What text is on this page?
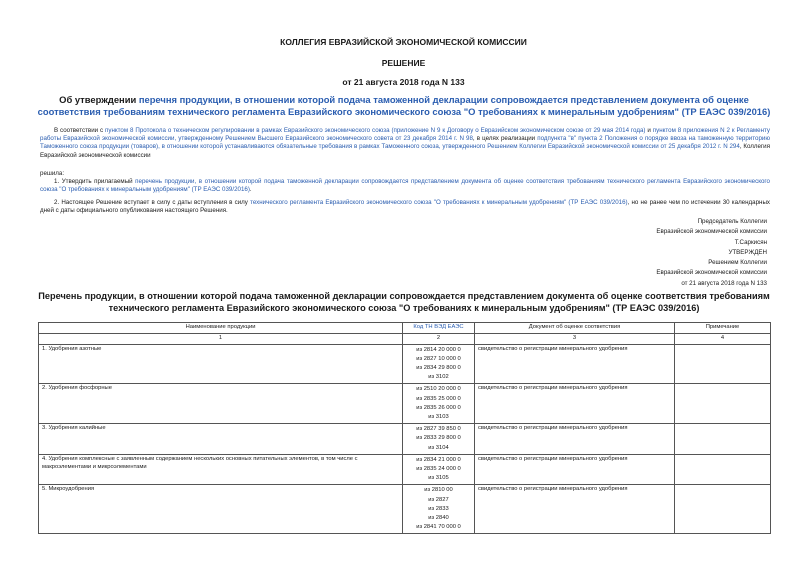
КОЛЛЕГИЯ ЕВРАЗИЙСКОЙ ЭКОНОМИЧЕСКОЙ КОМИССИИ
РЕШЕНИЕ
от 21 августа 2018 года N 133
Об утверждении перечня продукции, в отношении которой подача таможенной декларации сопровождается представлением документа об оценке соответствия требованиям технического регламента Евразийского экономического союза "О требованиях к минеральным удобрениям" (ТР ЕАЭС 039/2016)
В соответствии с пунктом 8 Протокола о техническом регулировании в рамках Евразийского экономического союза (приложение N 9 к Договору о Евразийском экономическом союзе от 29 мая 2014 года) и пунктом 8 приложения N 2 к Регламенту работы Евразийской экономической комиссии, утвержденному Решением Высшего Евразийского экономического совета от 23 декабря 2014 г. N 98, в целях реализации подпункта "в" пункта 2 Положения о порядке ввоза на таможенную территорию Таможенного союза продукции (товаров), в отношении которой устанавливаются обязательные требования в рамках Таможенного союза, утвержденного Решением Коллегии Евразийской экономической комиссии от 25 декабря 2012 г. N 294, Коллегия Евразийской экономической комиссии
решила:
1. Утвердить прилагаемый перечень продукции, в отношении которой подача таможенной декларации сопровождается представлением документа об оценке соответствия требованиям технического регламента Евразийского экономического союза "О требованиях к минеральным удобрениям" (ТР ЕАЭС 039/2016).
2. Настоящее Решение вступает в силу с даты вступления в силу технического регламента Евразийского экономического союза "О требованиях к минеральным удобрениям" (ТР ЕАЭС 039/2016), но не ранее чем по истечении 30 календарных дней с даты официального опубликования настоящего Решения.
Председатель Коллегии
Евразийской экономической комиссии
Т.Саркисян
УТВЕРЖДЕН
Решением Коллегии
Евразийской экономической комиссии
от 21 августа 2018 года N 133
Перечень продукции, в отношении которой подача таможенной декларации сопровождается представлением документа об оценке соответствия требованиям технического регламента Евразийского экономического союза "О требованиях к минеральным удобрениям" (ТР ЕАЭС 039/2016)
Наименование продукции	Код ТН ВЭД ЕАЭС	Документ об оценке соответствия	Примечание
1	2	3	4
1. Удобрения азотные	из 2814 20 000 0
из 2827 10 000 0
из 2834 29 800 0
из 3102	свидетельство о регистрации минерального удобрения	
2. Удобрения фосфорные	из 2510 20 000 0
из 2835 25 000 0
из 2835 26 000 0
из 3103	свидетельство о регистрации минерального удобрения	
3. Удобрения калийные	из 2827 39 850 0
из 2833 29 800 0
из 3104	свидетельство о регистрации минерального удобрения	
4. Удобрения комплексные с заявленным содержанием нескольких основных питательных элементов, в том числе с макроэлементами и микроэлементами	из 2834 21 000 0
из 2835 24 000 0
из 3105	свидетельство о регистрации минерального удобрения	
5. Микроудобрения	из 2810 00
из 2827
из 2833
из 2840
из 2841 70 000 0	свидетельство о регистрации минерального удобрения	
